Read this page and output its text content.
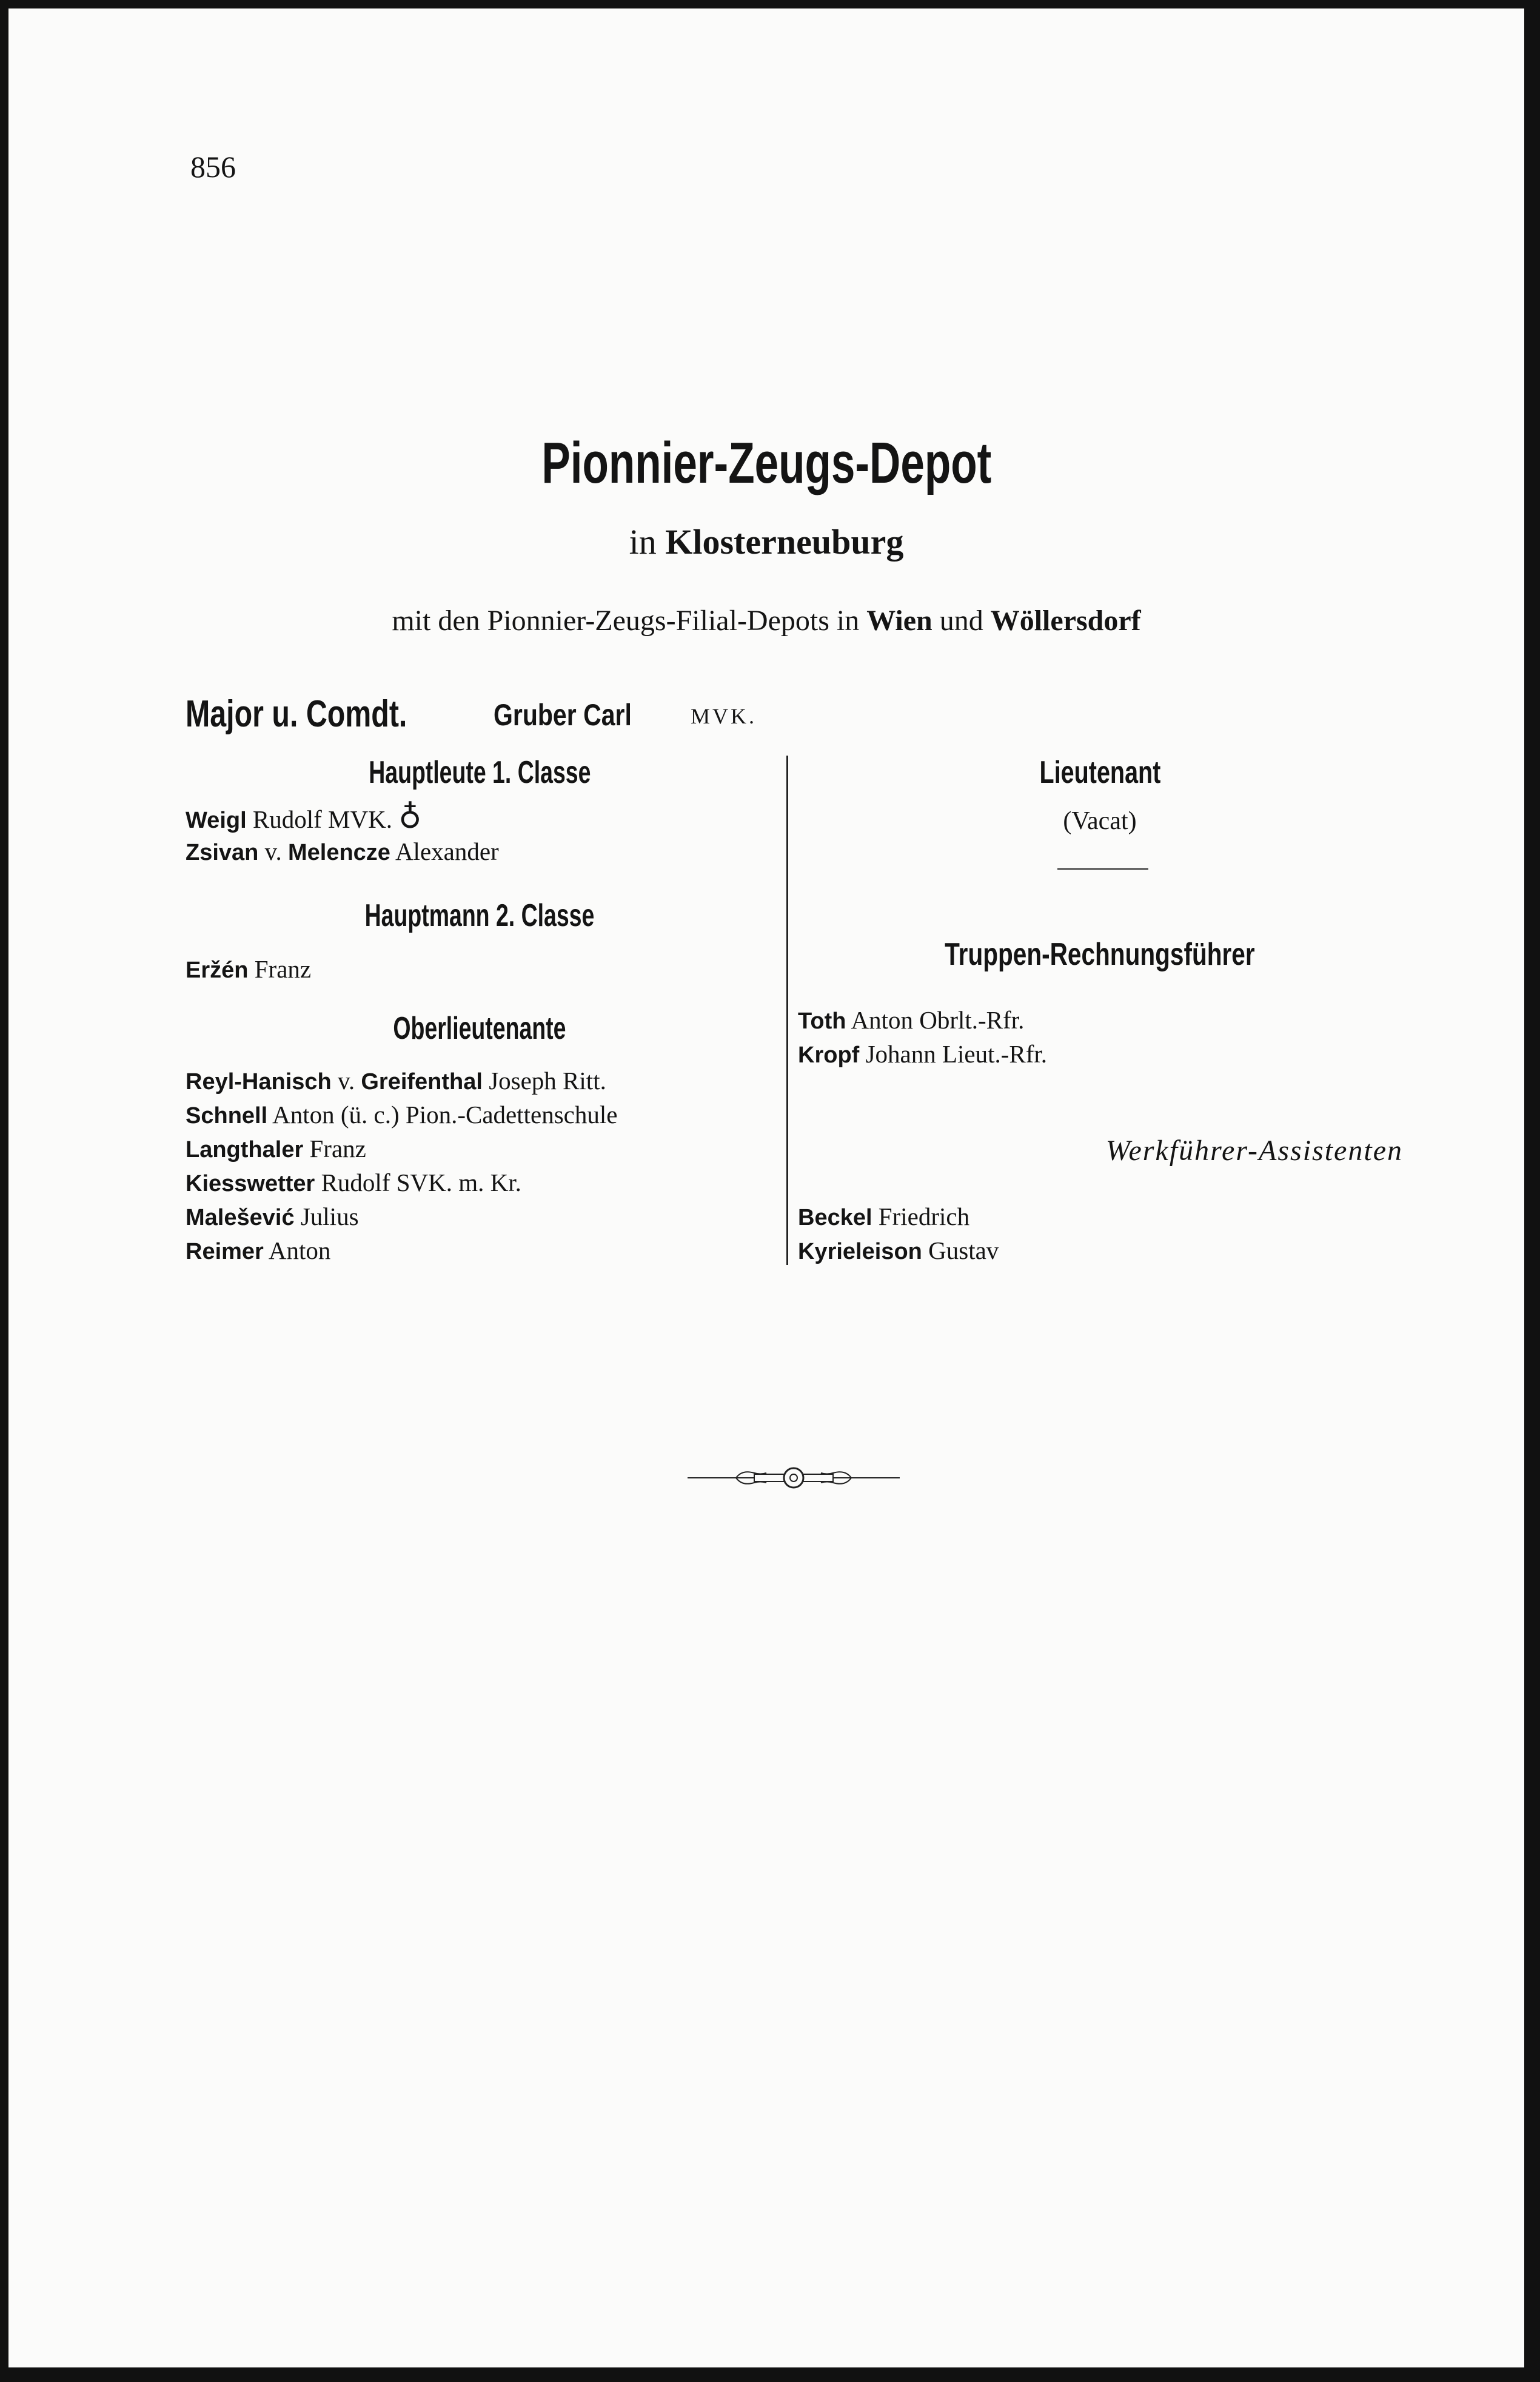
856
Pionnier-Zeugs-Depot
in Klosterneuburg
mit den Pionnier-Zeugs-Filial-Depots in Wien und Wöllersdorf
Major u. Comdt.	Gruber Carl	MVK.
Hauptleute 1. Classe
Weigl Rudolf MVK. ♁
Zsivan v. Melencze Alexander
Hauptmann 2. Classe
Eržén Franz
Oberlieutenante
Reyl-Hanisch v. Greifenthal Joseph Ritt.
Schnell Anton (ü. c.) Pion.-Cadettenschule
Langthaler Franz
Kiesswetter Rudolf SVK. m. Kr.
Malešević Julius
Reimer Anton
Lieutenant
(Vacat)
Truppen-Rechnungsführer
Toth Anton Obrlt.-Rfr.
Kropf Johann Lieut.-Rfr.
Werkführer-Assistenten
Beckel Friedrich
Kyrieleison Gustav
